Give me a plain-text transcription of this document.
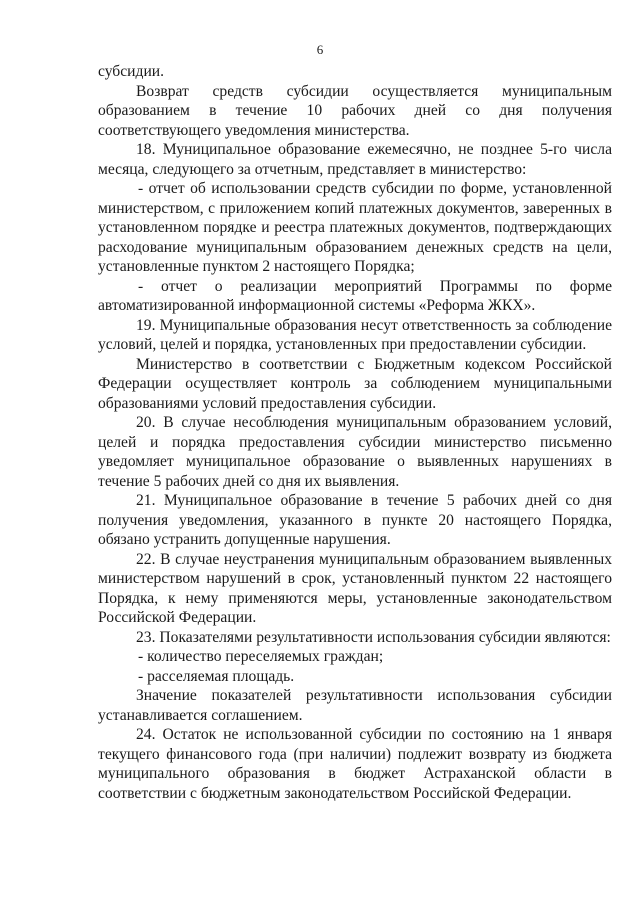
6

субсидии.

Возврат средств субсидии осуществляется муниципальным образованием в течение 10 рабочих дней со дня получения соответствующего уведомления министерства.

18. Муниципальное образование ежемесячно, не позднее 5-го числа месяца, следующего за отчетным, представляет в министерство:

- отчет об использовании средств субсидии по форме, установленной министерством, с приложением копий платежных документов, заверенных в установленном порядке и реестра платежных документов, подтверждающих расходование муниципальным образованием денежных средств на цели, установленные пунктом 2 настоящего Порядка;

- отчет о реализации мероприятий Программы по форме автоматизированной информационной системы «Реформа ЖКХ».

19. Муниципальные образования несут ответственность за соблюдение условий, целей и порядка, установленных при предоставлении субсидии.

Министерство в соответствии с Бюджетным кодексом Российской Федерации осуществляет контроль за соблюдением муниципальными образованиями условий предоставления субсидии.

20. В случае несоблюдения муниципальным образованием условий, целей и порядка предоставления субсидии министерство письменно уведомляет муниципальное образование о выявленных нарушениях в течение 5 рабочих дней со дня их выявления.

21. Муниципальное образование в течение 5 рабочих дней со дня получения уведомления, указанного в пункте 20 настоящего Порядка, обязано устранить допущенные нарушения.

22. В случае неустранения муниципальным образованием выявленных министерством нарушений в срок, установленный пунктом 22 настоящего Порядка, к нему применяются меры, установленные законодательством Российской Федерации.

23. Показателями результативности использования субсидии являются:

- количество переселяемых граждан;

- расселяемая площадь.

Значение показателей результативности использования субсидии устанавливается соглашением.

24. Остаток не использованной субсидии по состоянию на 1 января текущего финансового года (при наличии) подлежит возврату из бюджета муниципального образования в бюджет Астраханской области в соответствии с бюджетным законодательством Российской Федерации.
